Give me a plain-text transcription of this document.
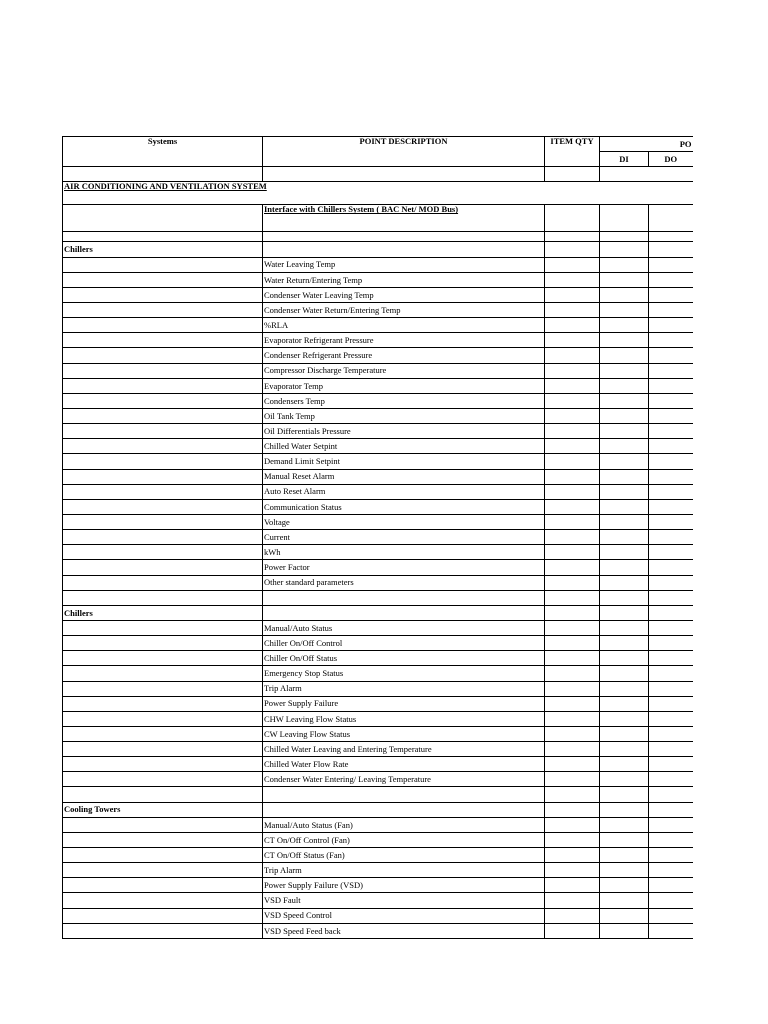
Systems	POINT DESCRIPTION	ITEM QTY	PO	
			DI	DO

AIR CONDITIONING AND VENTILATION SYSTEM				
	Interface with Chillers System ( BAC Net/ MOD Bus)			

Chillers				
	Water Leaving Temp			
	Water Return/Entering Temp			
	Condenser Water Leaving Temp			
	Condenser Water Return/Entering Temp			
	%RLA			
	Evaporator Refrigerant Pressure			
	Condenser Refrigerant Pressure			
	Compressor Discharge Temperature			
	Evaporator Temp			
	Condensers Temp			
	Oil Tank Temp			
	Oil Differentials Pressure			
	Chilled Water Setpint			
	Demand Limit Setpint			
	Manual Reset Alarm			
	Auto Reset Alarm			
	Communication Status			
	Voltage			
	Current			
	kWh			
	Power Factor			
	Other standard parameters			

Chillers				
	Manual/Auto Status			
	Chiller On/Off Control			
	Chiller On/Off Status			
	Emergency Stop Status			
	Trip Alarm			
	Power Supply Failure			
	CHW Leaving Flow Status			
	CW Leaving Flow Status			
	Chilled Water Leaving and Entering Temperature			
	Chilled Water Flow Rate			
	Condenser Water Entering/ Leaving Temperature			

Cooling Towers				
	Manual/Auto Status (Fan)			
	CT On/Off Control (Fan)			
	CT On/Off Status (Fan)			
	Trip Alarm			
	Power Supply Failure (VSD)			
	VSD Fault			
	VSD Speed Control			
	VSD Speed Feed back			
